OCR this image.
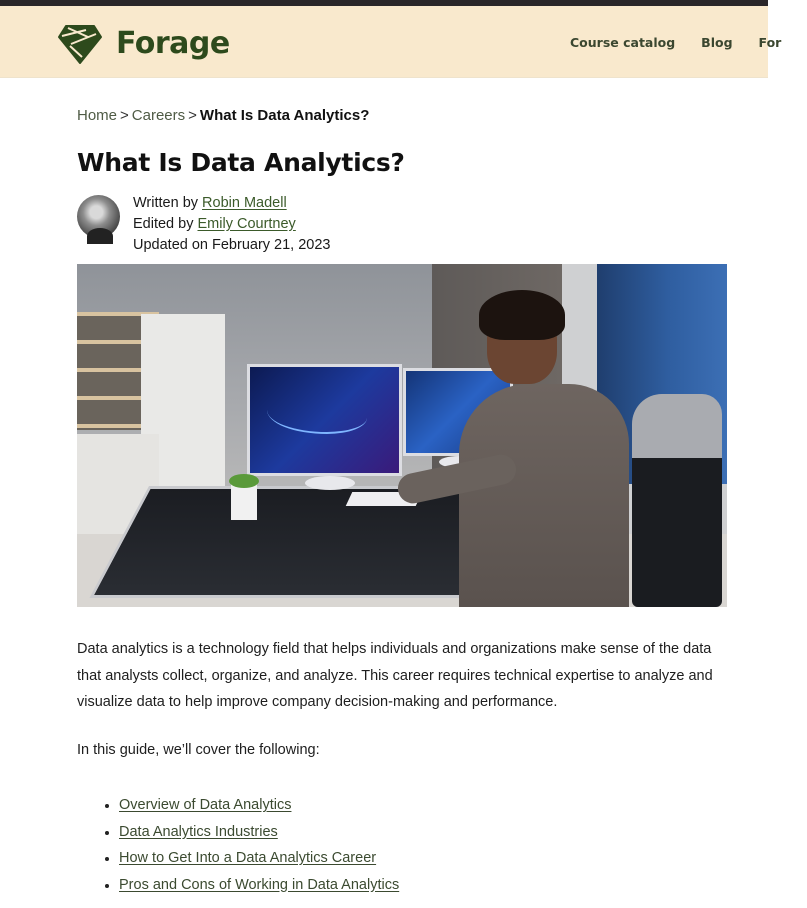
Forage	Course catalog Blog For
Home > Careers > What Is Data Analytics?
What Is Data Analytics?
Written by Robin Madell
Edited by Emily Courtney
Updated on February 21, 2023

Data analytics is a technology field that helps individuals and organizations make sense of the data that analysts collect, organize, and analyze. This career requires technical expertise to analyze and visualize data to help improve company decision-making and performance.

In this guide, we’ll cover the following:

Overview of Data Analytics
Data Analytics Industries
How to Get Into a Data Analytics Career
Pros and Cons of Working in Data Analytics
